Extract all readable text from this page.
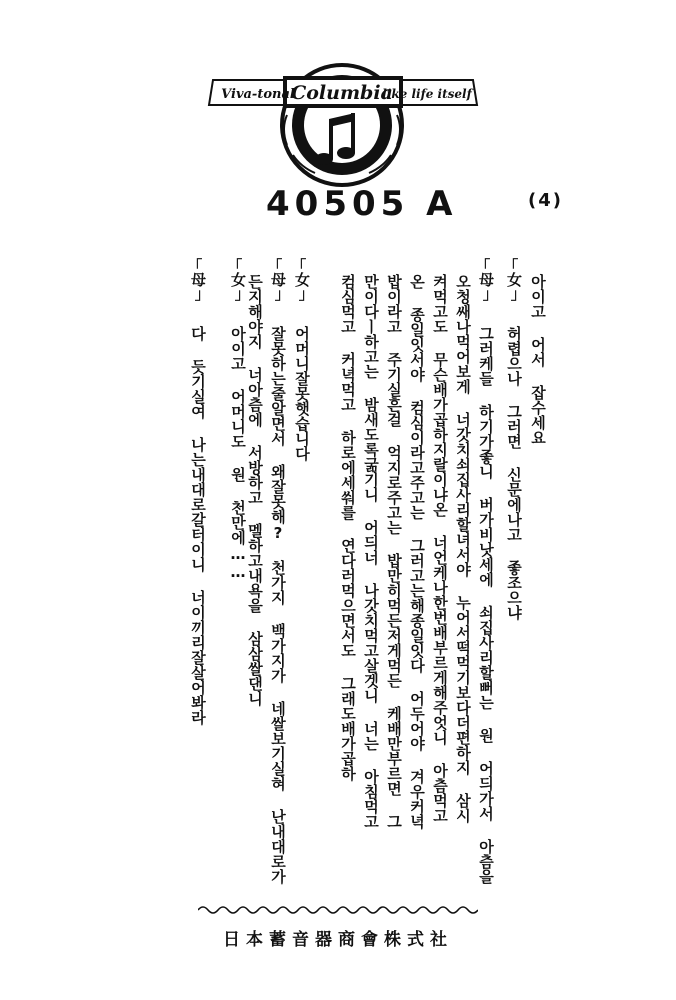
Columbia
Viva-tonal	like life itself
40505 A	(4)
｢女｣
허렵으나 그러면 신문에나고 좋조으냐 아이고 어서 잡수세요
｢母｣
그러케들 하기가좋니 버가비낫세에 쇠집사리할뻐는 원 어듸가서 아츰을
오청쌔나먹어보게 너갓치쇠집사리할녀서야 누어서떡먹기보다더편하지 삼시
켜먹고도 무슨배가곱하지랄이냐온 너언케나한번배부르게해주엇니 아츰먹고
온 종일잇서야 컴심이라고주고는 그러고는해종일잇다 어두어야 겨우커녁
밥이라고 주기실흔걸 억지로주고는 밥만히먹든저게먹든 케배만부르면 그
만이다ㅣ하고는 밤새도록굶기니 어듸너 나갓치먹고살겟니 너는 아침먹고
컴심먹고 커녁먹고 하로에세쒀를 연다러먹으면서도 그래도배가곱하
｢女｣
어머니잘못햇습니다
｢母｣
잘못하는줄알면서 왜잘못해? 천가지 백가지가 네쌀보기실혀 난내대로가
든지해야지 너아츰에 서방하고 멜하고내욕을 삼삼쌀댄니
｢女｣
아이고 어머니도 원 천만에……
｢母｣
다 듯기실여 나는내대로갈터이니 너이끼리잘살어봐라
日本蓄音器商會株式社
